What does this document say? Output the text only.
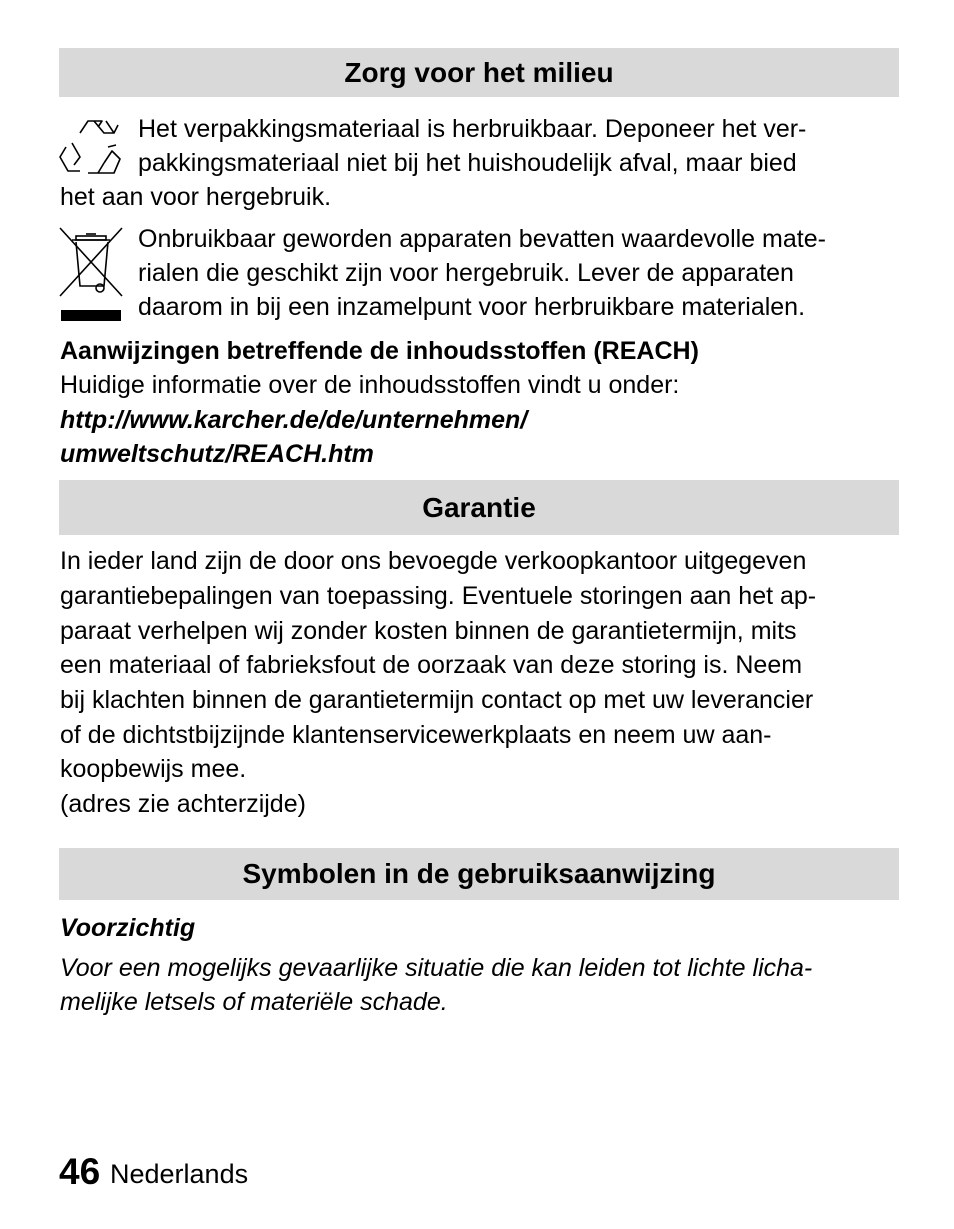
Zorg voor het milieu
Het verpakkingsmateriaal is herbruikbaar. Deponeer het ver-
pakkingsmateriaal niet bij het huishoudelijk afval, maar bied
het aan voor hergebruik.
Onbruikbaar geworden apparaten bevatten waardevolle mate-
rialen die geschikt zijn voor hergebruik. Lever de apparaten
daarom in bij een inzamelpunt voor herbruikbare materialen.
Aanwijzingen betreffende de inhoudsstoffen (REACH)
Huidige informatie over de inhoudsstoffen vindt u onder:
http://www.karcher.de/de/unternehmen/
umweltschutz/REACH.htm
Garantie
In ieder land zijn de door ons bevoegde verkoopkantoor uitgegeven
garantiebepalingen van toepassing. Eventuele storingen aan het ap-
paraat verhelpen wij zonder kosten binnen de garantietermijn, mits
een materiaal of fabrieksfout de oorzaak van deze storing is. Neem
bij klachten binnen de garantietermijn contact op met uw leverancier
of de dichtstbijzijnde klantenservicewerkplaats en neem uw aan-
koopbewijs mee.
(adres zie achterzijde)
Symbolen in de gebruiksaanwijzing
Voorzichtig
Voor een mogelijks gevaarlijke situatie die kan leiden tot lichte licha-
melijke letsels of materiële schade.
46 Nederlands
